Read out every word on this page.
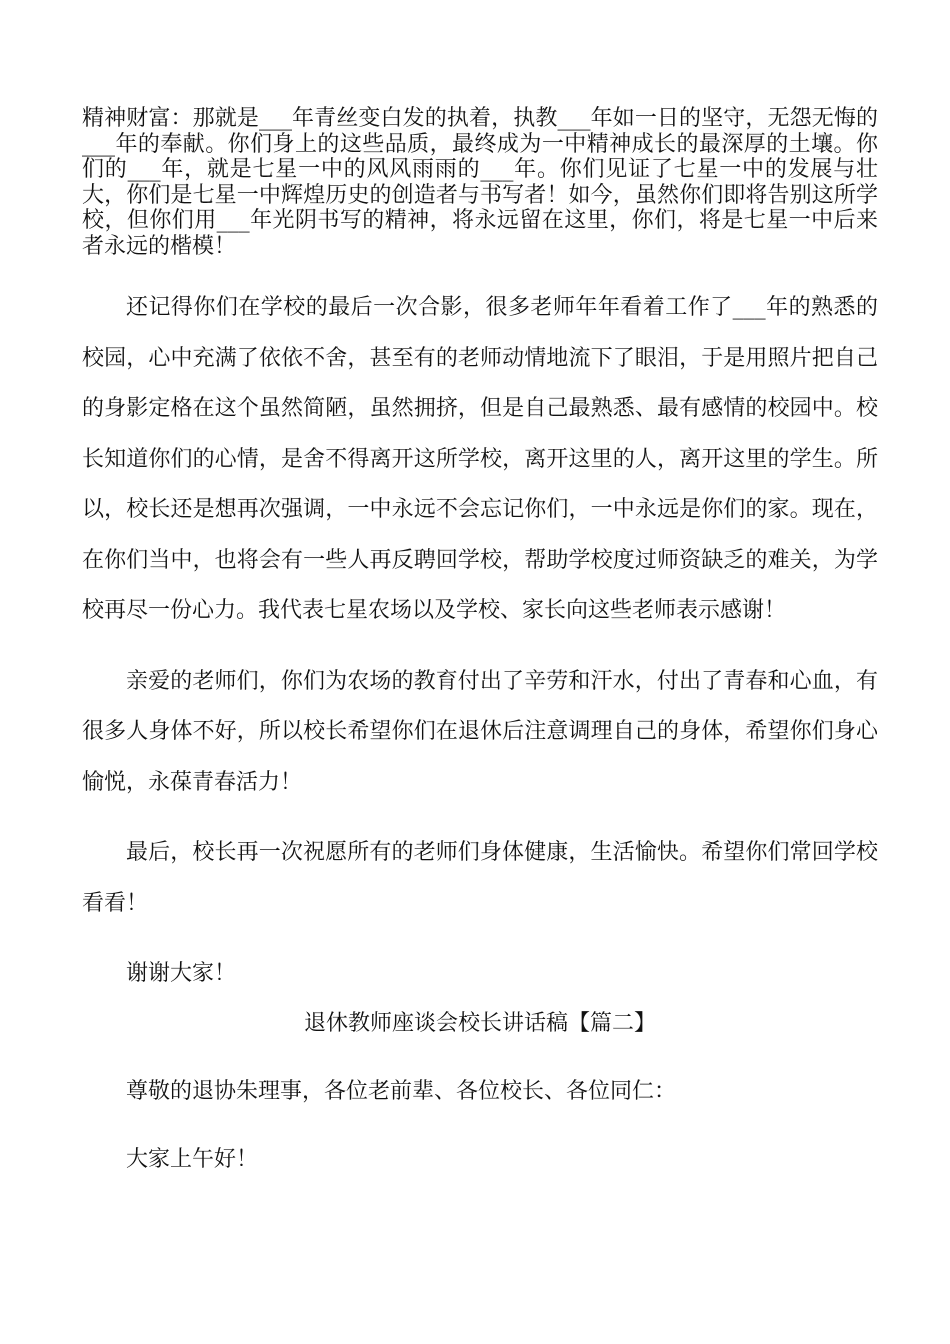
精神财富：那就是___年青丝变白发的执着，执教___年如一日的坚守，无怨无悔的___年的奉献。你们身上的这些品质，最终成为一中精神成长的最深厚的土壤。你们的___年，就是七星一中的风风雨雨的___年。你们见证了七星一中的发展与壮大，你们是七星一中辉煌历史的创造者与书写者！如今，虽然你们即将告别这所学校，但你们用___年光阴书写的精神，将永远留在这里，你们，将是七星一中后来者永远的楷模！

还记得你们在学校的最后一次合影，很多老师年年看着工作了___年的熟悉的校园，心中充满了依依不舍，甚至有的老师动情地流下了眼泪，于是用照片把自己的身影定格在这个虽然简陋，虽然拥挤，但是自己最熟悉、最有感情的校园中。校长知道你们的心情，是舍不得离开这所学校，离开这里的人，离开这里的学生。所以，校长还是想再次强调，一中永远不会忘记你们，一中永远是你们的家。现在，在你们当中，也将会有一些人再反聘回学校，帮助学校度过师资缺乏的难关，为学校再尽一份心力。我代表七星农场以及学校、家长向这些老师表示感谢！

亲爱的老师们，你们为农场的教育付出了辛劳和汗水，付出了青春和心血，有很多人身体不好，所以校长希望你们在退休后注意调理自己的身体，希望你们身心愉悦，永葆青春活力！

最后，校长再一次祝愿所有的老师们身体健康，生活愉快。希望你们常回学校看看！

谢谢大家！

退休教师座谈会校长讲话稿【篇二】

尊敬的退协朱理事，各位老前辈、各位校长、各位同仁：

大家上午好！
